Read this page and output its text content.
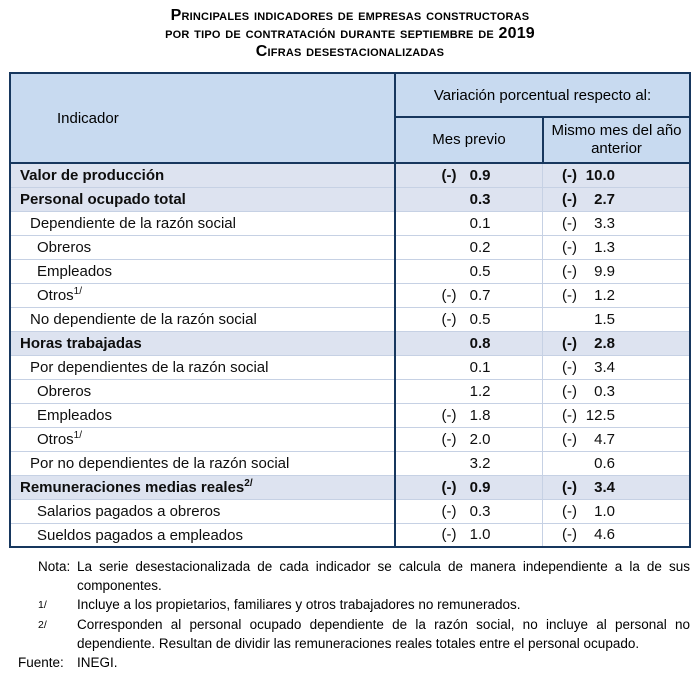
Principales indicadores de empresas constructoras
por tipo de contratación durante septiembre de 2019
Cifras desestacionalizadas
Indicador	Variación porcentual respecto al:	
	Mes previo	Mismo mes del año anterior
Valor de producción	(-) 0.9	(-) 10.0

Personal ocupado total	0.3	(-) 2.7

Dependiente de la razón social	0.1	(-) 3.3

Obreros	0.2	(-) 1.3

Empleados	0.5	(-) 9.9

Otros$^{1/}$	(-) 0.7	(-) 1.2

No dependiente de la razón social	(-) 0.5	1.5

Horas trabajadas	0.8	(-) 2.8

Por dependientes de la razón social	0.1	(-) 3.4

Obreros	1.2	(-) 0.3

Empleados	(-) 1.8	(-) 12.5

Otros$^{1/}$	(-) 2.0	(-) 4.7

Por no dependientes de la razón social	3.2	0.6

Remuneraciones medias reales$^{2/}$	(-) 0.9	(-) 3.4

Salarios pagados a obreros	(-) 0.3	(-) 1.0

Sueldos pagados a empleados	(-) 1.0	(-) 4.6
Nota: La serie desestacionalizada de cada indicador se calcula de manera independiente a la de sus componentes.
1/	Incluye a los propietarios, familiares y otros trabajadores no remunerados.
2/	Corresponden al personal ocupado dependiente de la razón social, no incluye al personal no dependiente. Resultan de dividir las remuneraciones reales totales entre el personal ocupado.
Fuente: INEGI.
